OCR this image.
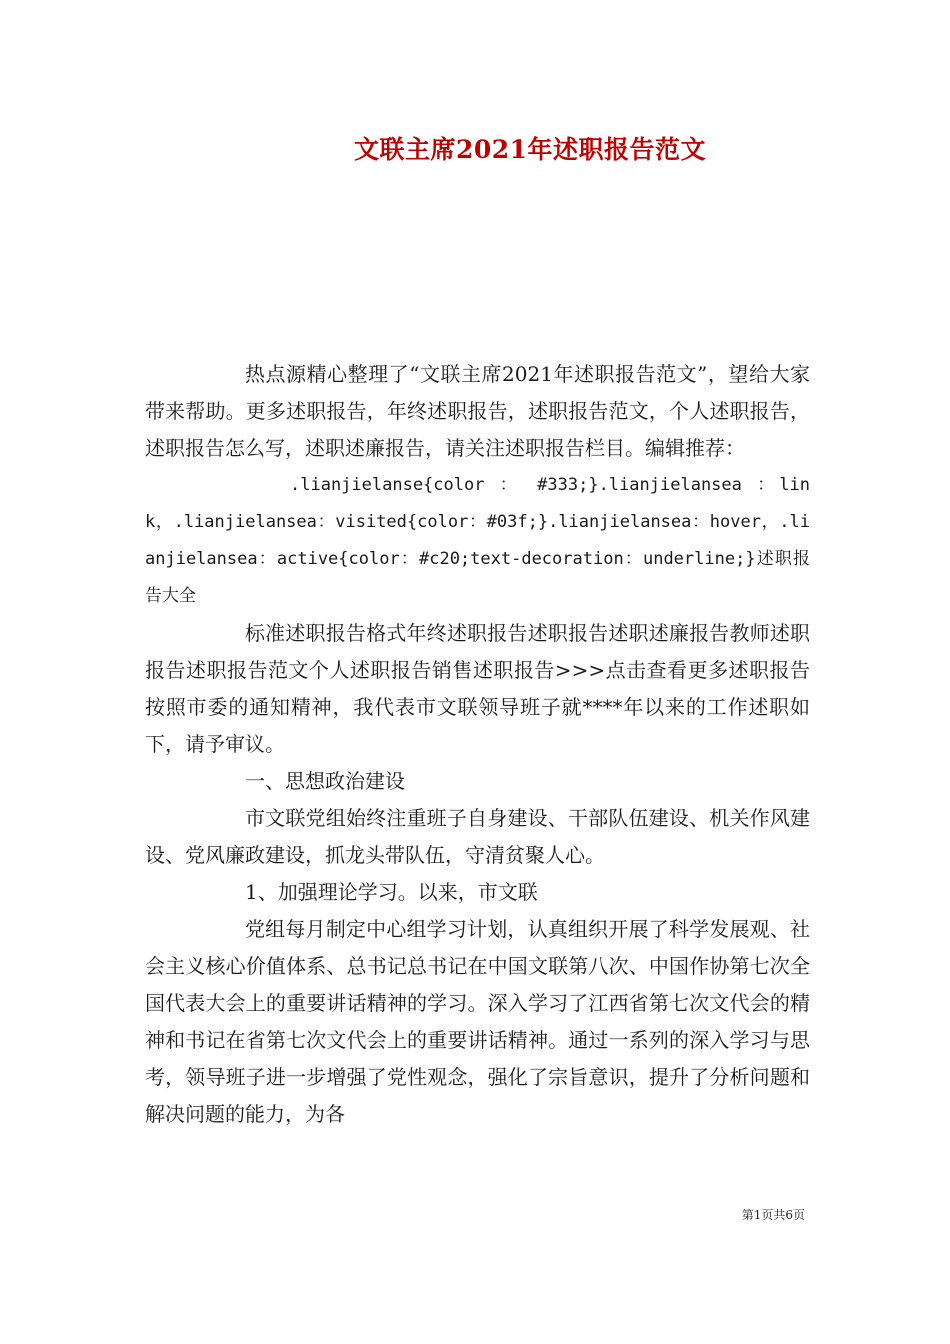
文联主席2021年述职报告范文

热点源精心整理了“文联主席2021年述职报告范文”，望给大家带来帮助。更多述职报告，年终述职报告，述职报告范文，个人述职报告，述职报告怎么写，述职述廉报告，请关注述职报告栏目。编辑推荐：

.lianjielanse{color ： #333;}.lianjielansea ：link，.lianjielansea：visited{color：#03f;}.lianjielansea：hover，.lianjielansea：active{color：#c20;text-decoration：underline;}述职报告大全

标准述职报告格式年终述职报告述职报告述职述廉报告教师述职报告述职报告范文个人述职报告销售述职报告>>>点击查看更多述职报告按照市委的通知精神，我代表市文联领导班子就****年以来的工作述职如下，请予审议。

一、思想政治建设

市文联党组始终注重班子自身建设、干部队伍建设、机关作风建设、党风廉政建设，抓龙头带队伍，守清贫聚人心。

1、加强理论学习。以来，市文联

党组每月制定中心组学习计划，认真组织开展了科学发展观、社会主义核心价值体系、总书记总书记在中国文联第八次、中国作协第七次全国代表大会上的重要讲话精神的学习。深入学习了江西省第七次文代会的精神和书记在省第七次文代会上的重要讲话精神。通过一系列的深入学习与思考，领导班子进一步增强了党性观念，强化了宗旨意识，提升了分析问题和解决问题的能力，为各

第1页共6页
